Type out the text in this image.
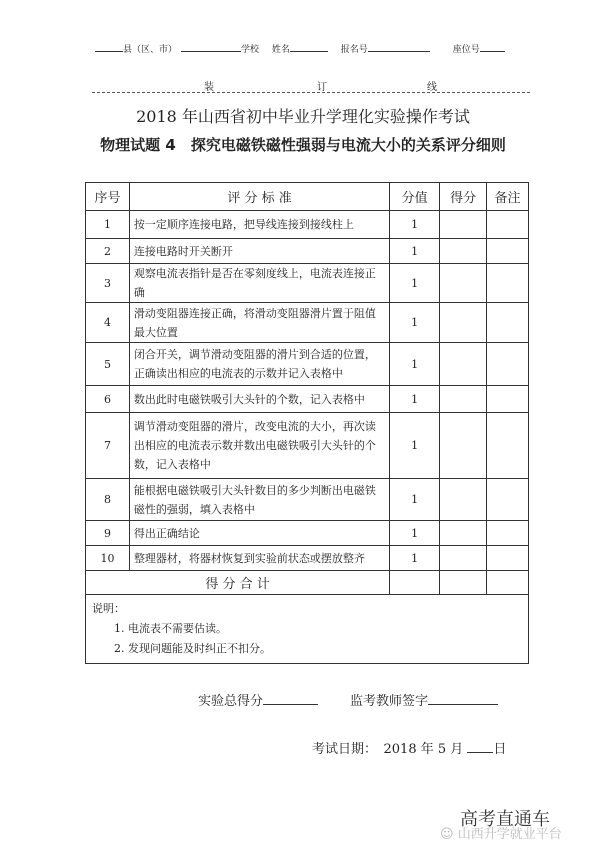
县（区、市）	学校 姓名	报名号	座位号
装	订	线
2018 年山西省初中毕业升学理化实验操作考试
物理试题 4　探究电磁铁磁性强弱与电流大小的关系评分细则
序号	评 分 标 准	分值	得分	备注
1	按一定顺序连接电路，把导线连接到接线柱上	1		
2	连接电路时开关断开	1		
3	观察电流表指针是否在零刻度线上，电流表连接正确	1		
4	滑动变阻器连接正确，将滑动变阻器滑片置于阻值最大位置	1		
5	闭合开关，调节滑动变阻器的滑片到合适的位置，正确读出相应的电流表的示数并记入表格中	1		
6	数出此时电磁铁吸引大头针的个数，记入表格中	1		
7	调节滑动变阻器的滑片，改变电流的大小，再次读出相应的电流表示数并数出电磁铁吸引大头针的个数，记入表格中	1		
8	能根据电磁铁吸引大头针数目的多少判断出电磁铁磁性的强弱，填入表格中	1		
9	得出正确结论	1		
10	整理器材，将器材恢复到实验前状态或摆放整齐	1		
得 分 合 计				

说明：
1. 电流表不需要估读。
2. 发现问题能及时纠正不扣分。				
实验总得分	监考教师签字
考试日期：　2018 年 5 月 日
高考直通车
☺ 山西升学就业平台
